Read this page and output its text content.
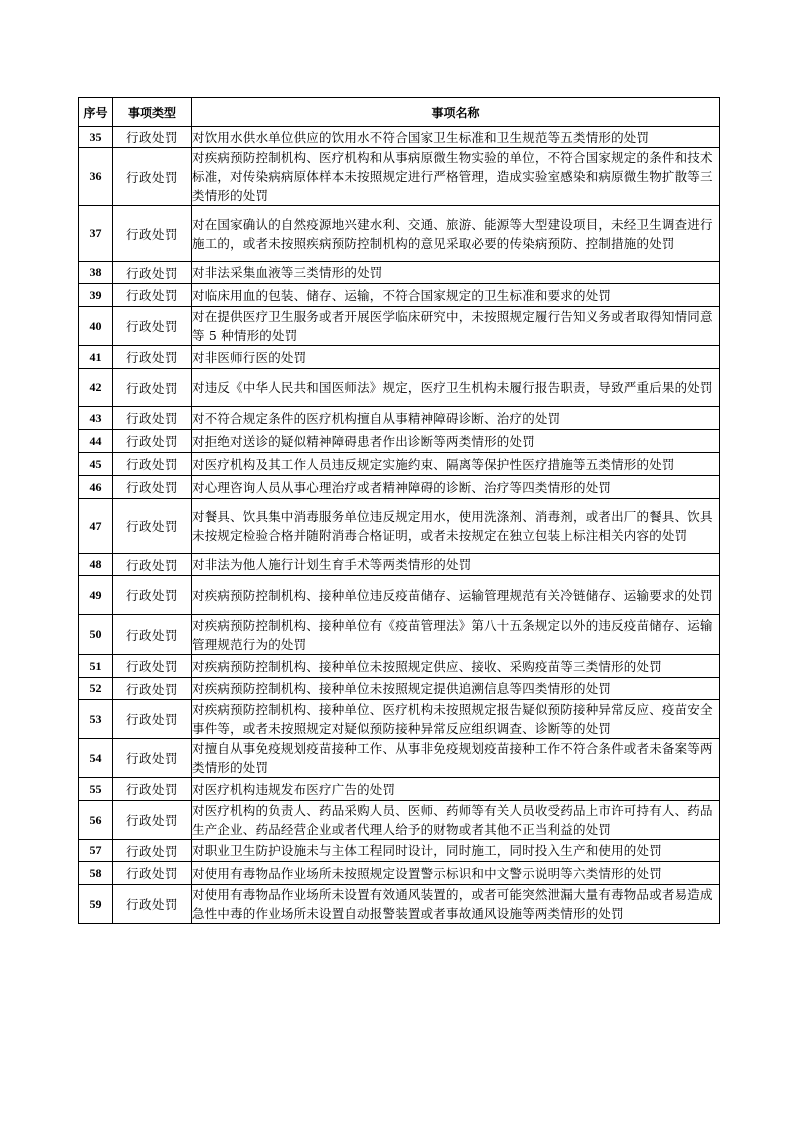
序号	事项类型	事项名称
35	行政处罚	对饮用水供水单位供应的饮用水不符合国家卫生标准和卫生规范等五类情形的处罚
36	行政处罚	对疾病预防控制机构、医疗机构和从事病原微生物实验的单位，不符合国家规定的条件和技术标准，对传染病病原体样本未按照规定进行严格管理，造成实验室感染和病原微生物扩散等三类情形的处罚
37	行政处罚	对在国家确认的自然疫源地兴建水利、交通、旅游、能源等大型建设项目，未经卫生调查进行施工的，或者未按照疾病预防控制机构的意见采取必要的传染病预防、控制措施的处罚
38	行政处罚	对非法采集血液等三类情形的处罚
39	行政处罚	对临床用血的包装、储存、运输，不符合国家规定的卫生标准和要求的处罚
40	行政处罚	对在提供医疗卫生服务或者开展医学临床研究中，未按照规定履行告知义务或者取得知情同意等 5 种情形的处罚
41	行政处罚	对非医师行医的处罚
42	行政处罚	对违反《中华人民共和国医师法》规定，医疗卫生机构未履行报告职责，导致严重后果的处罚
43	行政处罚	对不符合规定条件的医疗机构擅自从事精神障碍诊断、治疗的处罚
44	行政处罚	对拒绝对送诊的疑似精神障碍患者作出诊断等两类情形的处罚
45	行政处罚	对医疗机构及其工作人员违反规定实施约束、隔离等保护性医疗措施等五类情形的处罚
46	行政处罚	对心理咨询人员从事心理治疗或者精神障碍的诊断、治疗等四类情形的处罚
47	行政处罚	对餐具、饮具集中消毒服务单位违反规定用水，使用洗涤剂、消毒剂，或者出厂的餐具、饮具未按规定检验合格并随附消毒合格证明，或者未按规定在独立包装上标注相关内容的处罚
48	行政处罚	对非法为他人施行计划生育手术等两类情形的处罚
49	行政处罚	对疾病预防控制机构、接种单位违反疫苗储存、运输管理规范有关冷链储存、运输要求的处罚
50	行政处罚	对疾病预防控制机构、接种单位有《疫苗管理法》第八十五条规定以外的违反疫苗储存、运输管理规范行为的处罚
51	行政处罚	对疾病预防控制机构、接种单位未按照规定供应、接收、采购疫苗等三类情形的处罚
52	行政处罚	对疾病预防控制机构、接种单位未按照规定提供追溯信息等四类情形的处罚
53	行政处罚	对疾病预防控制机构、接种单位、医疗机构未按照规定报告疑似预防接种异常反应、疫苗安全事件等，或者未按照规定对疑似预防接种异常反应组织调查、诊断等的处罚
54	行政处罚	对擅自从事免疫规划疫苗接种工作、从事非免疫规划疫苗接种工作不符合条件或者未备案等两类情形的处罚
55	行政处罚	对医疗机构违规发布医疗广告的处罚
56	行政处罚	对医疗机构的负责人、药品采购人员、医师、药师等有关人员收受药品上市许可持有人、药品生产企业、药品经营企业或者代理人给予的财物或者其他不正当利益的处罚
57	行政处罚	对职业卫生防护设施未与主体工程同时设计，同时施工，同时投入生产和使用的处罚
58	行政处罚	对使用有毒物品作业场所未按照规定设置警示标识和中文警示说明等六类情形的处罚
59	行政处罚	对使用有毒物品作业场所未设置有效通风装置的，或者可能突然泄漏大量有毒物品或者易造成急性中毒的作业场所未设置自动报警装置或者事故通风设施等两类情形的处罚
